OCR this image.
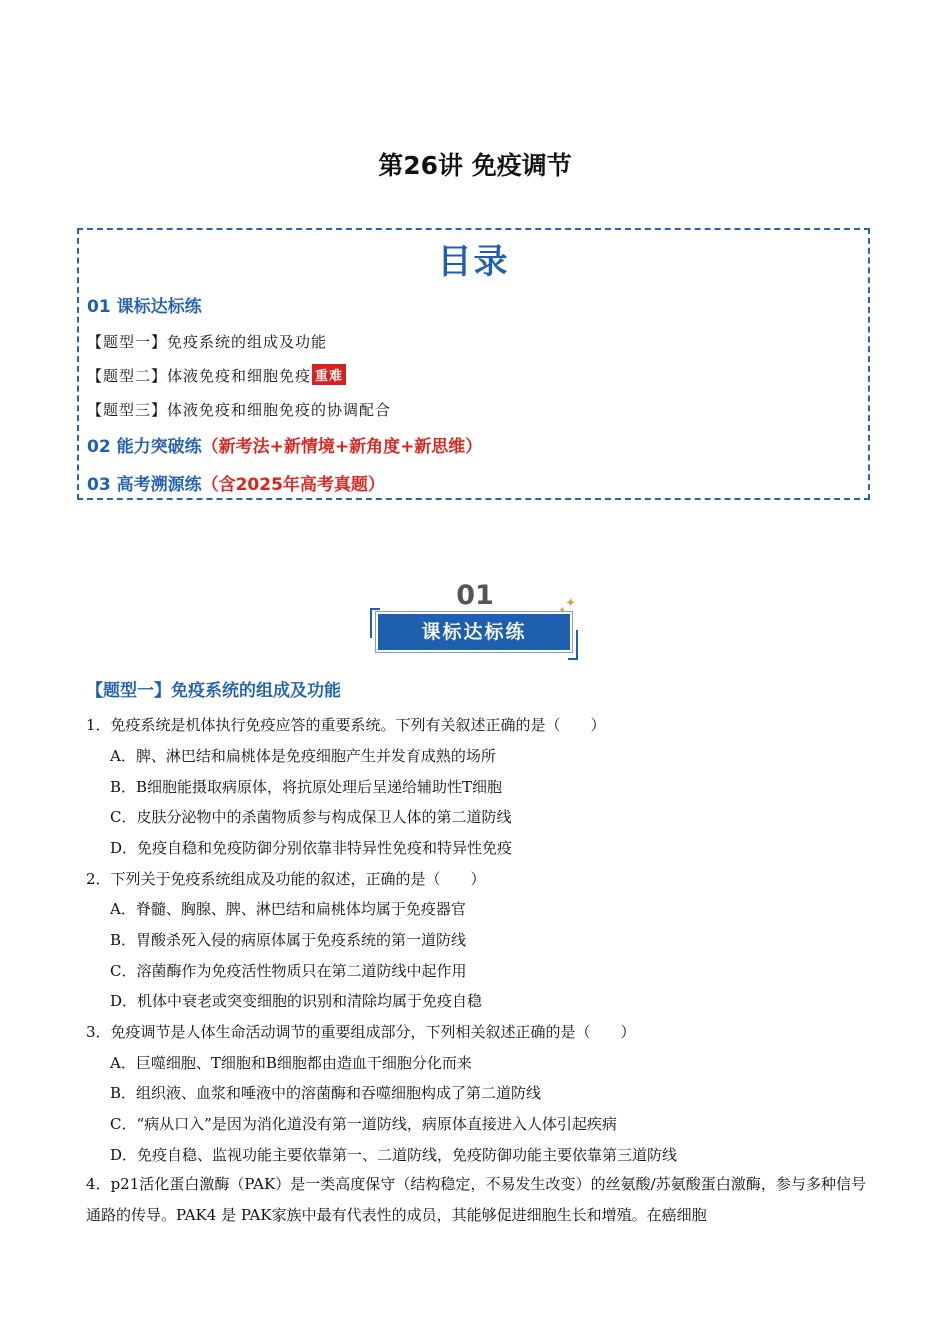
第26讲 免疫调节
目录
01 课标达标练
【题型一】免疫系统的组成及功能
【题型二】体液免疫和细胞免疫 重难
【题型三】体液免疫和细胞免疫的协调配合
02 能力突破练（新考法+新情境+新角度+新思维）
03 高考溯源练（含2025年高考真题）
01
课标达标练
✦
✦
【题型一】免疫系统的组成及功能
1．免疫系统是机体执行免疫应答的重要系统。下列有关叙述正确的是（　　）
A．脾、淋巴结和扁桃体是免疫细胞产生并发育成熟的场所
B．B细胞能摄取病原体，将抗原处理后呈递给辅助性T细胞
C．皮肤分泌物中的杀菌物质参与构成保卫人体的第二道防线
D．免疫自稳和免疫防御分别依靠非特异性免疫和特异性免疫
2．下列关于免疫系统组成及功能的叙述，正确的是（　　）
A．脊髓、胸腺、脾、淋巴结和扁桃体均属于免疫器官
B．胃酸杀死入侵的病原体属于免疫系统的第一道防线
C．溶菌酶作为免疫活性物质只在第二道防线中起作用
D．机体中衰老或突变细胞的识别和清除均属于免疫自稳
3．免疫调节是人体生命活动调节的重要组成部分，下列相关叙述正确的是（　　）
A．巨噬细胞、T细胞和B细胞都由造血干细胞分化而来
B．组织液、血浆和唾液中的溶菌酶和吞噬细胞构成了第二道防线
C．“病从口入”是因为消化道没有第一道防线，病原体直接进入人体引起疾病
D．免疫自稳、监视功能主要依靠第一、二道防线，免疫防御功能主要依靠第三道防线
4．p21活化蛋白激酶（PAK）是一类高度保守（结构稳定，不易发生改变）的丝氨酸/苏氨酸蛋白激酶，参与多种信号通路的传导。PAK4 是 PAK家族中最有代表性的成员，其能够促进细胞生长和增殖。在癌细胞
